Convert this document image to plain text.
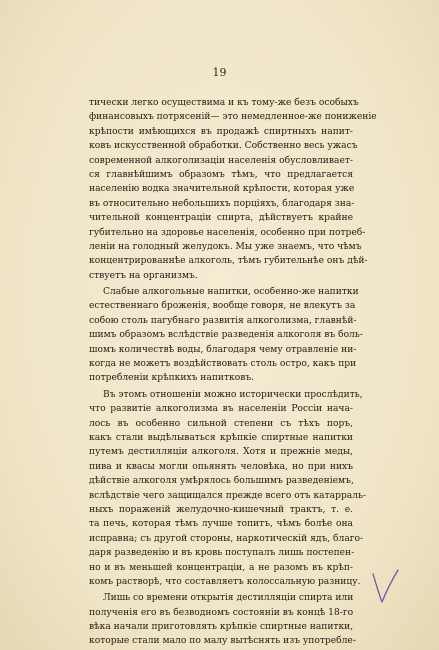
19
тически легко осуществима и къ тому-же безъ особыхъ
финансовыхъ потрясеній— это немедленное-же пониженіе
крѣпости имѣющихся въ продажѣ спиртныхъ напит-
ковъ искусственной обработки. Собственно весь ужасъ
современной алкоголизаціи населенія обусловливает-
ся главнѣйшимъ образомъ тѣмъ, что предлагается
населенію водка значительной крѣпости, которая уже
въ относительно небольшихъ порціяхъ, благодаря зна-
чительной концентраціи спирта, дѣйствуетъ крайне
губительно на здоровье населенія, особенно при потреб-
леніи на голодный желудокъ. Мы уже знаемъ, что чѣмъ
концентрированнѣе алкоголь, тѣмъ губительнѣе онъ дѣй-
ствуетъ на организмъ.
Слабые алкогольные напитки, особенно-же напитки
естественнаго броженія, вообще говоря, не влекутъ за
собою столь пагубнаго развитія алкоголизма, главнѣй-
шимъ образомъ вслѣдствіе разведенія алкоголя въ боль-
шомъ количествѣ воды, благодаря чему отравленіе ни-
когда не можетъ воздѣйствовать столь остро, какъ при
потребленіи крѣпкихъ напитковъ.
Въ этомъ отношеніи можно исторически прослѣдить,
что развитіе алкоголизма въ населеніи Россіи нача-
лось въ особенно сильной степени съ тѣхъ поръ,
какъ стали выдѣлываться крѣпкіе спиртные напитки
путемъ дестилляціи алкоголя. Хотя и прежніе меды,
пива и квасы могли опьянять человѣка, но при нихъ
дѣйствіе алкоголя умѣрялось большимъ разведеніемъ,
вслѣдствіе чего защищался прежде всего отъ катарраль-
ныхъ пораженій желудочно-кишечный трактъ, т. е.
та печь, которая тѣмъ лучше топитъ, чѣмъ болѣе она
исправна; съ другой стороны, наркотическій ядъ, благо-
даря разведенію и въ кровь поступалъ лишь постепен-
но и въ меньшей концентраціи, а не разомъ въ крѣп-
комъ растворѣ, что составляетъ колоссальную разницу.
Лишь со времени открытія дестилляціи спирта или
полученія его въ безводномъ состояніи въ концѣ 18-го
вѣка начали приготовлять крѣпкіе спиртные напитки,
которые стали мало по малу вытѣснять изъ употребле-
